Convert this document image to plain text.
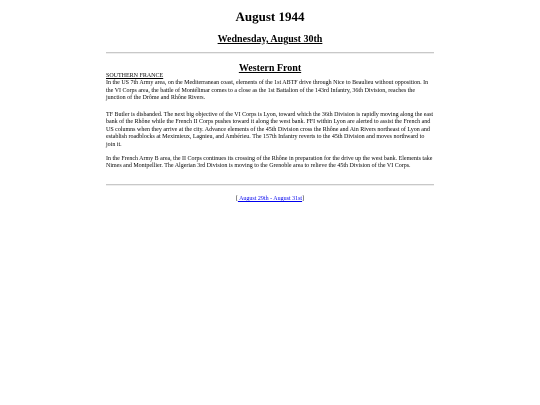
August 1944
Wednesday, August 30th
Western Front
SOUTHERN FRANCE
In the US 7th Army area, on the Mediterranean coast, elements of the 1st ABTF drive through Nice to Beaulieu without opposition. In the VI Corps area, the battle of Montélimar comes to a close as the 1st Battalion of the 143rd Infantry, 36th Division, reaches the junction of the Drôme and Rhône Rivers.
TF Butler is disbanded. The next big objective of the VI Corps is Lyon, toward which the 36th Division is rapidly moving along the east bank of the Rhône while the French II Corps pushes toward it along the west bank. FFI within Lyon are alerted to assist the French and US columns when they arrive at the city. Advance elements of the 45th Division cross the Rhône and Ain Rivers northeast of Lyon and establish roadblocks at Meximieux, Lagnieu, and Ambérieu. The 157th Infantry reverts to the 45th Division and moves northward to join it.
In the French Army B area, the II Corps continues its crossing of the Rhône in preparation for the drive up the west bank. Elements take Nimes and Montpellier. The Algerian 3rd Division is moving to the Grenoble area to relieve the 45th Division of the VI Corps.
[ August 29th - August 31st]
